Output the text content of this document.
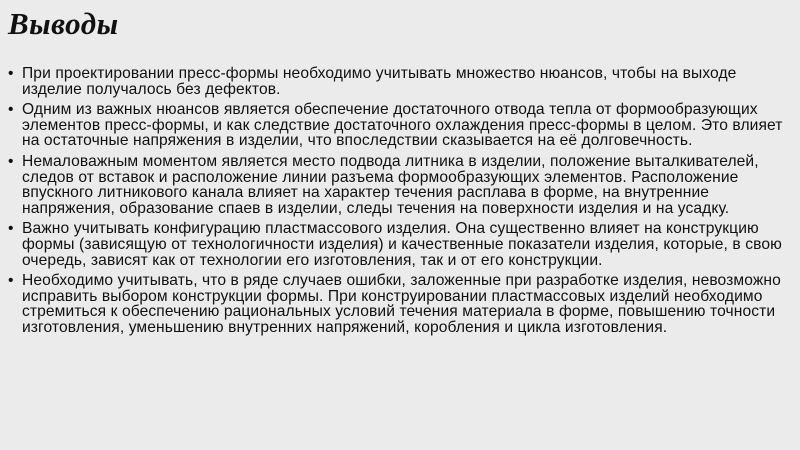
Выводы
• При проектировании пресс-формы необходимо учитывать множество нюансов, чтобы на выходе изделие получалось без дефектов.
• Одним из важных нюансов является обеспечение достаточного отвода тепла от формообразующих элементов пресс-формы, и как следствие достаточного охлаждения пресс-формы в целом. Это влияет на остаточные напряжения в изделии, что впоследствии сказывается на её долговечность.
• Немаловажным моментом является место подвода литника в изделии, положение выталкивателей, следов от вставок и расположение линии разъема формообразующих элементов. Расположение впускного литникового канала влияет на характер течения расплава в форме, на внутренние напряжения, образование спаев в изделии, следы течения на поверхности изделия и на усадку.
• Важно учитывать конфигурацию пластмассового изделия. Она существенно влияет на конструкцию формы (зависящую от технологичности изделия) и качественные показатели изделия, которые, в свою очередь, зависят как от технологии его изготовления, так и от его конструкции.
• Необходимо учитывать, что в ряде случаев ошибки, заложенные при разработке изделия, невозможно исправить выбором конструкции формы. При конструировании пластмассовых изделий необходимо стремиться к обеспечению рациональных условий течения материала в форме, повышению точности изготовления, уменьшению внутренних напряжений, коробления и цикла изготовления.
